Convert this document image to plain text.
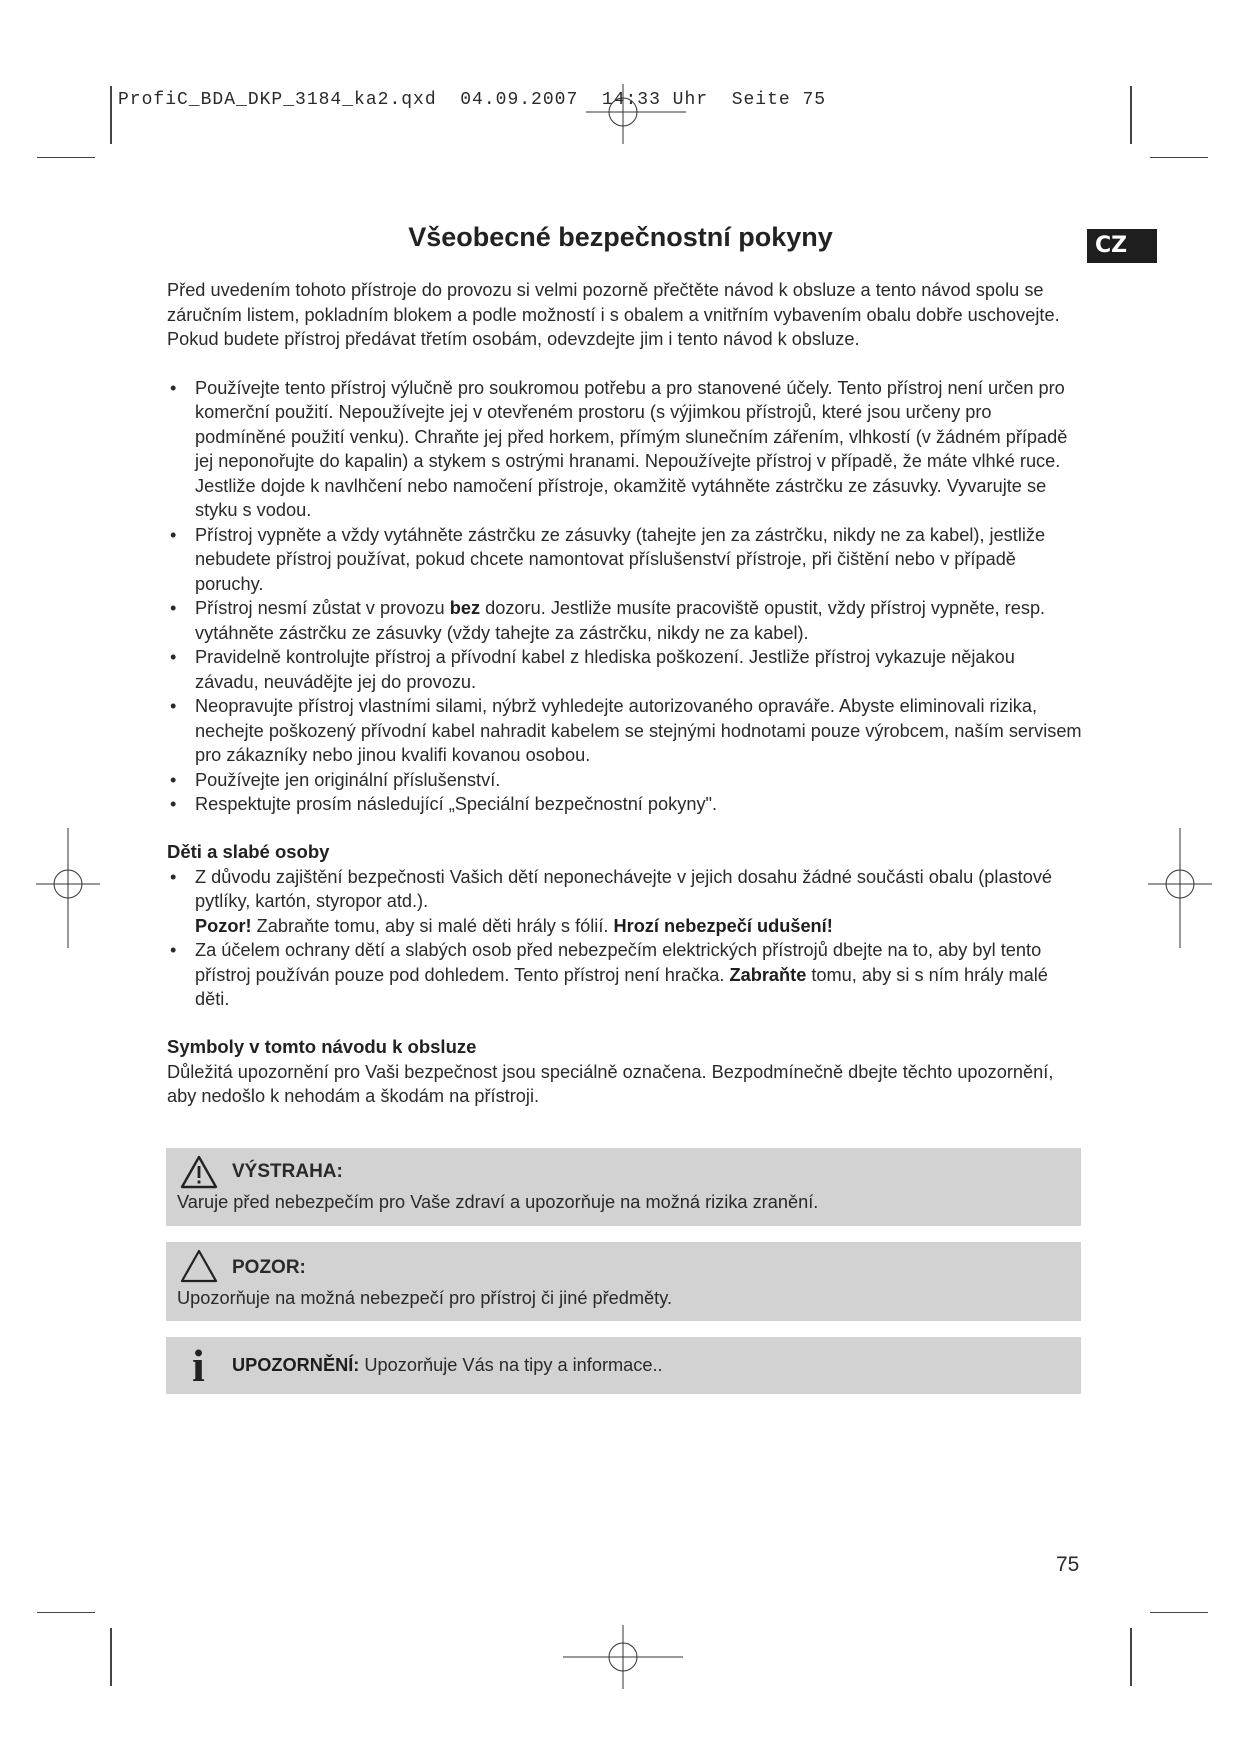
ProfiC_BDA_DKP_3184_ka2.qxd  04.09.2007  14:33 Uhr  Seite 75
Všeobecné bezpečnostní pokyny	CZ

Před uvedením tohoto přístroje do provozu si velmi pozorně přečtěte návod k obsluze a tento návod spolu se záručním listem, pokladním blokem a podle možností i s obalem a vnitřním vybavením obalu dobře uschovejte. Pokud budete přístroj předávat třetím osobám, odevzdejte jim i tento návod k obsluze.

• Používejte tento přístroj výlučně pro soukromou potřebu a pro stanovené účely. Tento přístroj není určen pro komerční použití. Nepoužívejte jej v otevřeném prostoru (s výjimkou přístrojů, které jsou určeny pro podmíněné použití venku). Chraňte jej před horkem, přímým slunečním zářením, vlhkostí (v žádném případě jej neponořujte do kapalin) a stykem s ostrými hranami. Nepoužívejte přístroj v případě, že máte vlhké ruce. Jestliže dojde k navlhčení nebo namočení přístroje, okamžitě vytáhněte zástrčku ze zásuvky. Vyvarujte se styku s vodou.
• Přístroj vypněte a vždy vytáhněte zástrčku ze zásuvky (tahejte jen za zástrčku, nikdy ne za kabel), jestliže nebudete přístroj používat, pokud chcete namontovat příslušenství přístroje, při čištění nebo v případě poruchy.
• Přístroj nesmí zůstat v provozu bez dozoru. Jestliže musíte pracoviště opustit, vždy přístroj vypněte, resp. vytáhněte zástrčku ze zásuvky (vždy tahejte za zástrčku, nikdy ne za kabel).
• Pravidelně kontrolujte přístroj a přívodní kabel z hlediska poškození. Jestliže přístroj vykazuje nějakou závadu, neuvádějte jej do provozu.
• Neopravujte přístroj vlastními silami, nýbrž vyhledejte autorizovaného opraváře. Abyste eliminovali rizika, nechejte poškozený přívodní kabel nahradit kabelem se stejnými hodnotami pouze výrobcem, naším servisem pro zákazníky nebo jinou kvalifi kovanou osobou.
• Používejte jen originální příslušenství.
• Respektujte prosím následující „Speciální bezpečnostní pokyny".
Děti a slabé osoby
• Z důvodu zajištění bezpečnosti Vašich dětí neponechávejte v jejich dosahu žádné součásti obalu (plastové pytlíky, kartón, styropor atd.).
Pozor! Zabraňte tomu, aby si malé děti hrály s fólií. Hrozí nebezpečí udušení!
• Za účelem ochrany dětí a slabých osob před nebezpečím elektrických přístrojů dbejte na to, aby byl tento přístroj používán pouze pod dohledem. Tento přístroj není hračka. Zabraňte tomu, aby si s ním hrály malé děti.
Symboly v tomto návodu k obsluze

Důležitá upozornění pro Vaši bezpečnost jsou speciálně označena. Bezpodmínečně dbejte těchto upozornění, aby nedošlo k nehodám a škodám na přístroji.

VÝSTRAHA:
Varuje před nebezpečím pro Vaše zdraví a upozorňuje na možná rizika zranění.
POZOR:
Upozorňuje na možná nebezpečí pro přístroj či jiné předměty.
i UPOZORNĚNÍ: Upozorňuje Vás na tipy a informace..
75
